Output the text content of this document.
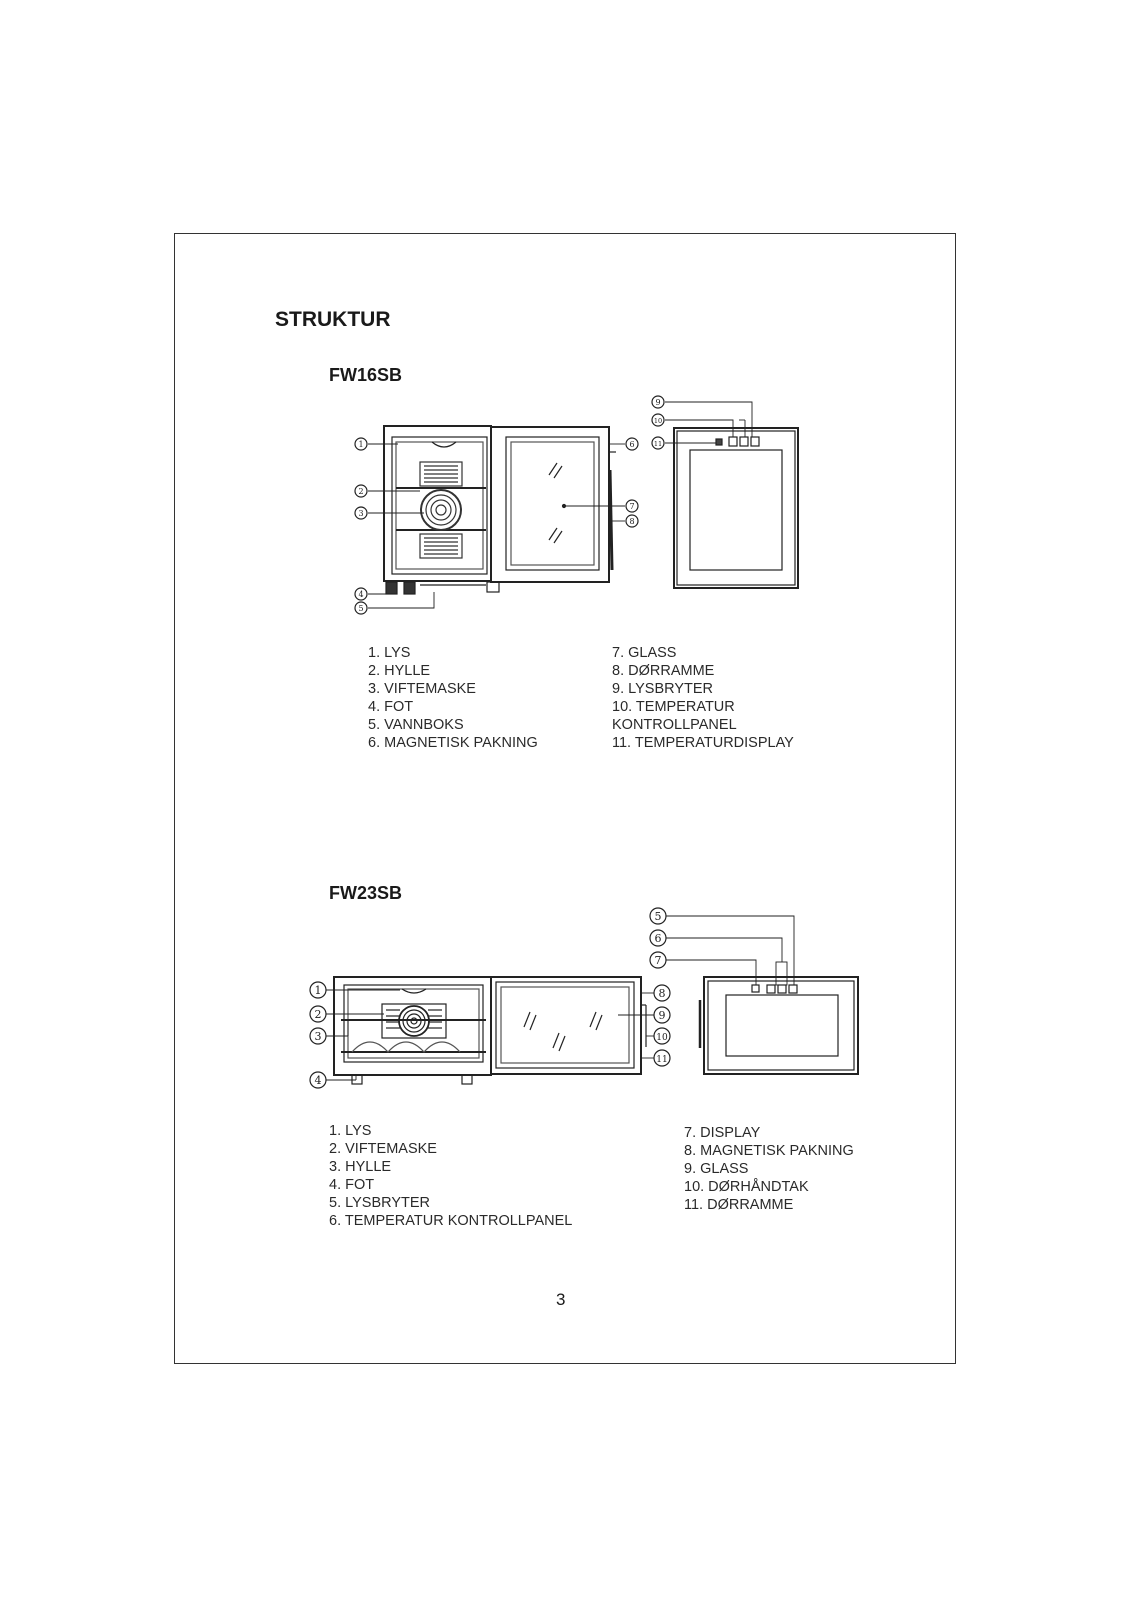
STRUKTUR
FW16SB
1
2
3
4
5
6
7
8
9
10
11
1
2
3
4
5
6
7
8
9
10
11
1. LYS
2. HYLLE
3. VIFTEMASKE
4. FOT
5. VANNBOKS
6. MAGNETISK PAKNING
7. GLASS
8. DØRRAMME
9. LYSBRYTER
10. TEMPERATUR
KONTROLLPANEL
11. TEMPERATURDISPLAY
FW23SB
1. LYS
2. VIFTEMASKE
3. HYLLE
4. FOT
5. LYSBRYTER
6. TEMPERATUR KONTROLLPANEL
7. DISPLAY
8. MAGNETISK PAKNING
9. GLASS
10. DØRHÅNDTAK
11. DØRRAMME
3
